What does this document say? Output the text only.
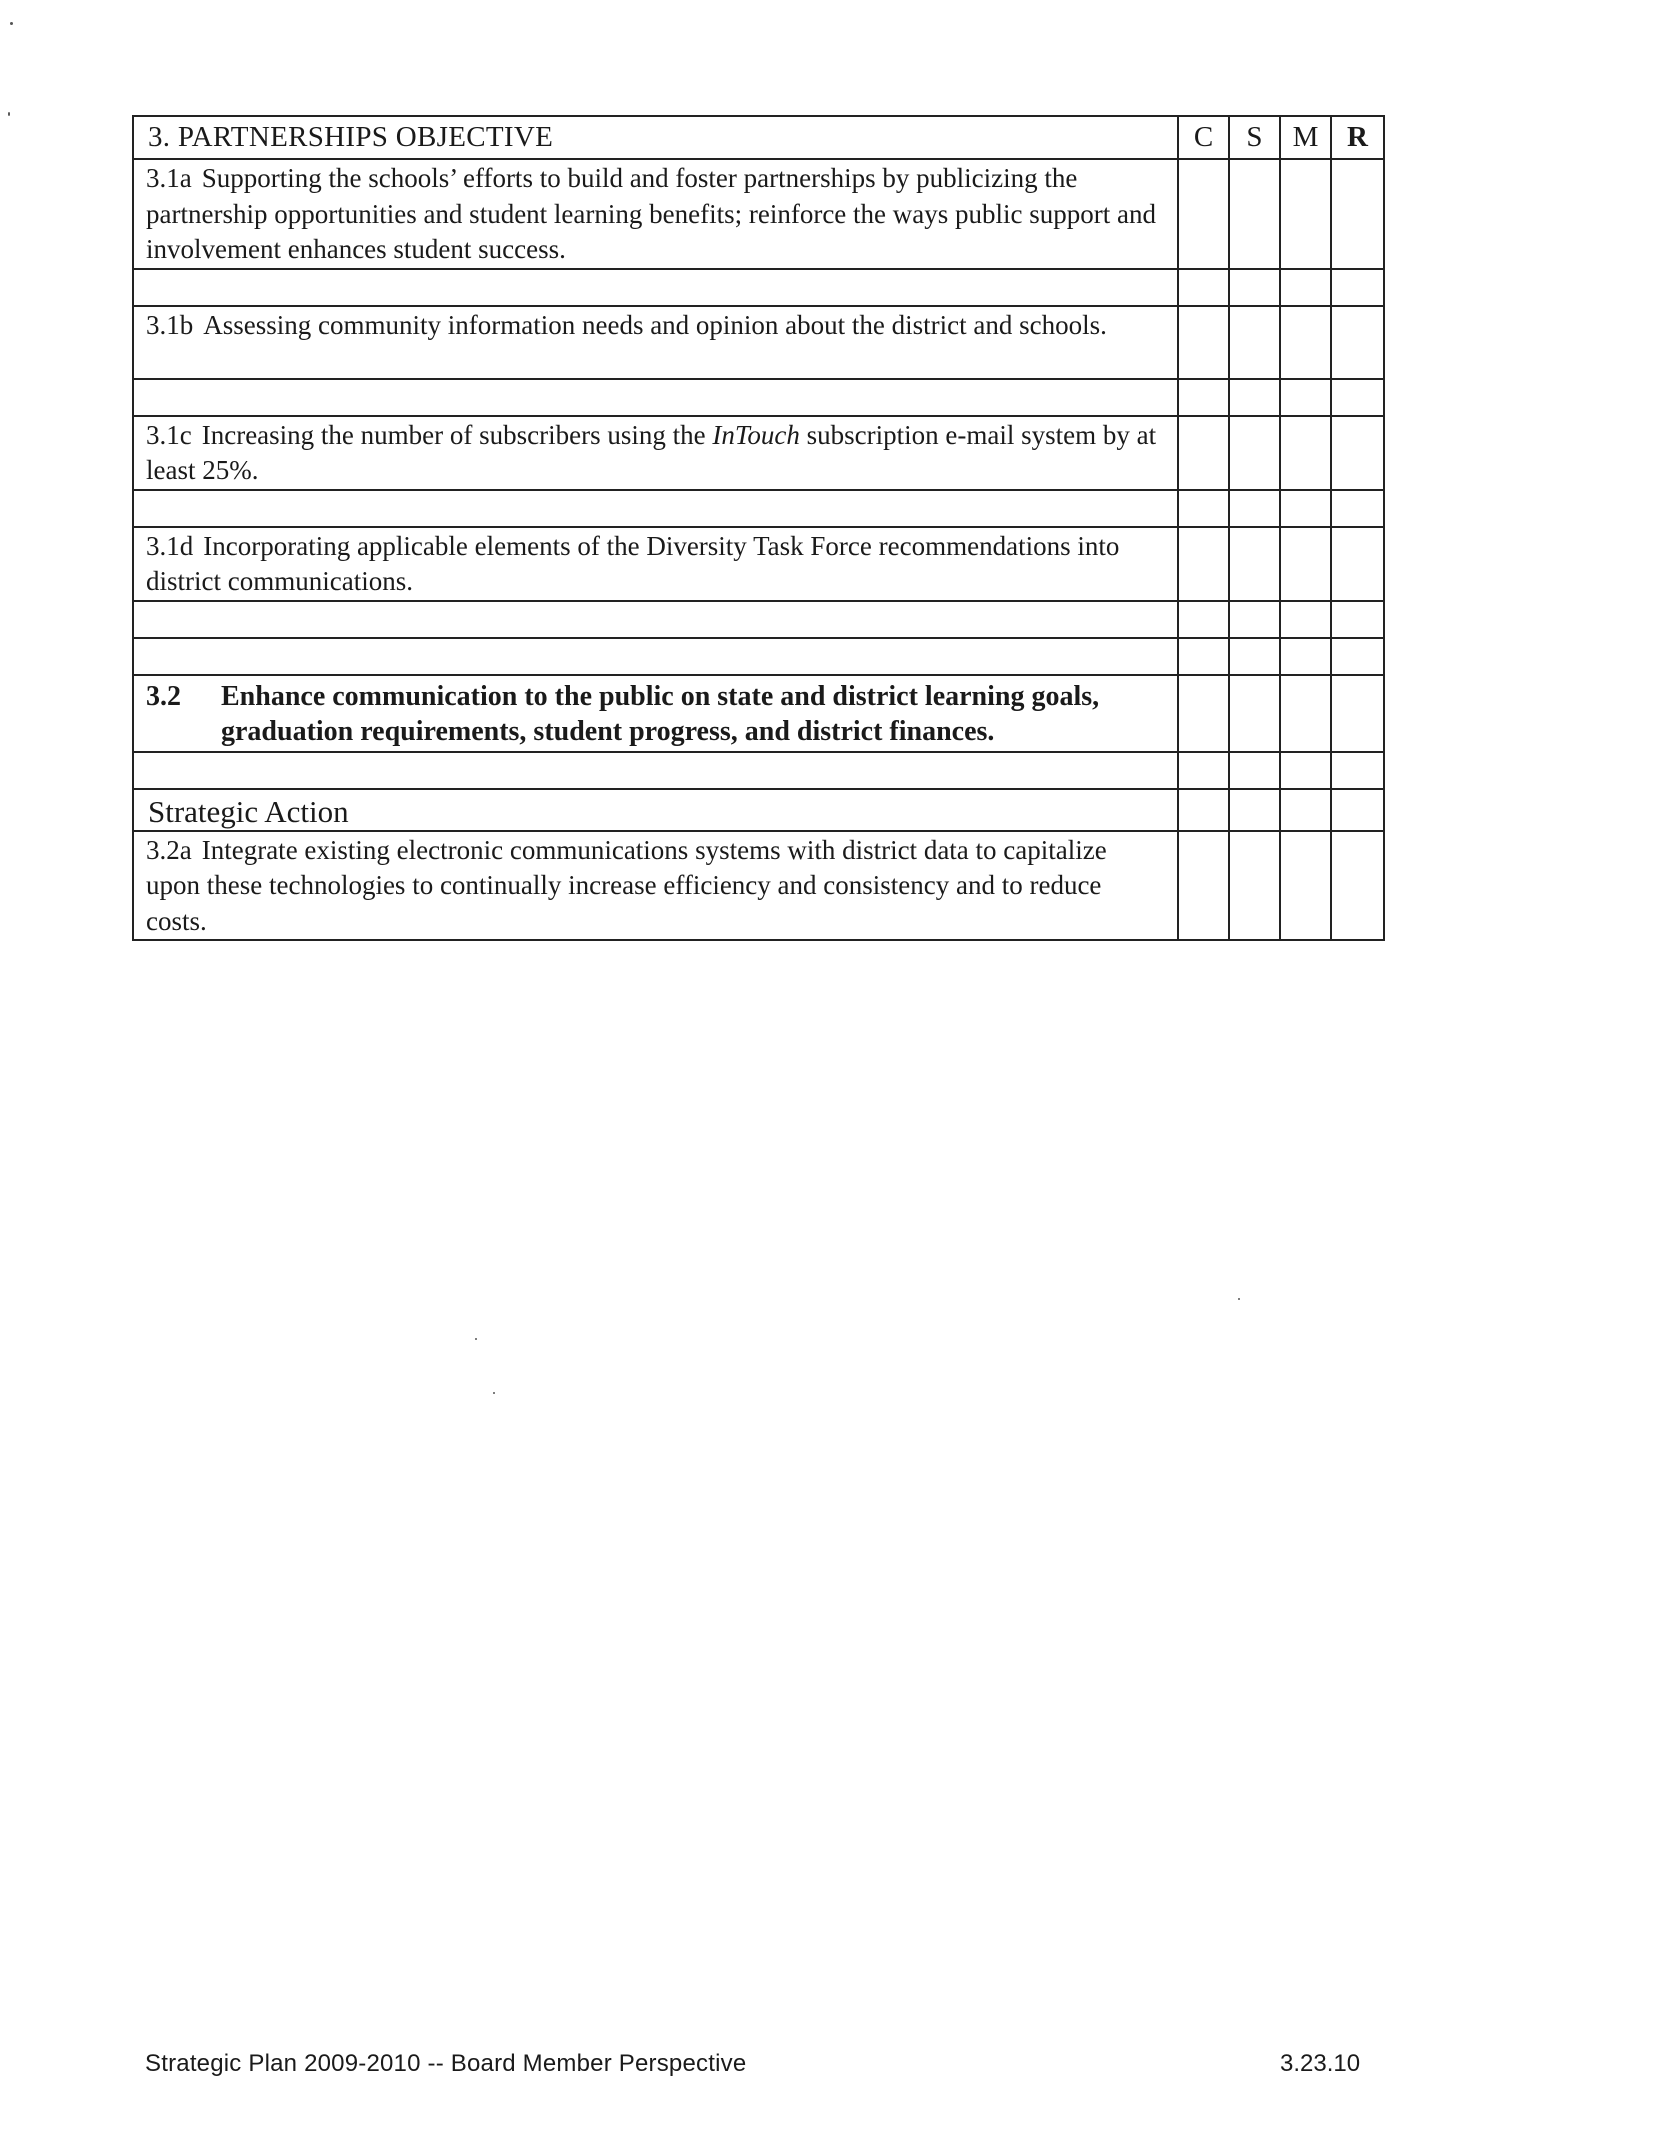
3. PARTNERSHIPS OBJECTIVE	C	S	M	R
3.1a Supporting the schools’ efforts to build and foster partnerships by publicizing the partnership opportunities and student learning benefits; reinforce the ways public support and involvement enhances student success.				

3.1b Assessing community information needs and opinion about the district and schools.				

3.1c Increasing the number of subscribers using the InTouch subscription e-mail system by at least 25%.				

3.1d Incorporating applicable elements of the Diversity Task Force recommendations into district communications.				

3.2 Enhance communication to the public on state and district learning goals, graduation requirements, student progress, and district finances.				

Strategic Action				
3.2a Integrate existing electronic communications systems with district data to capitalize upon these technologies to continually increase efficiency and consistency and to reduce costs.				
Strategic Plan 2009-2010 -- Board Member Perspective	3.23.10
